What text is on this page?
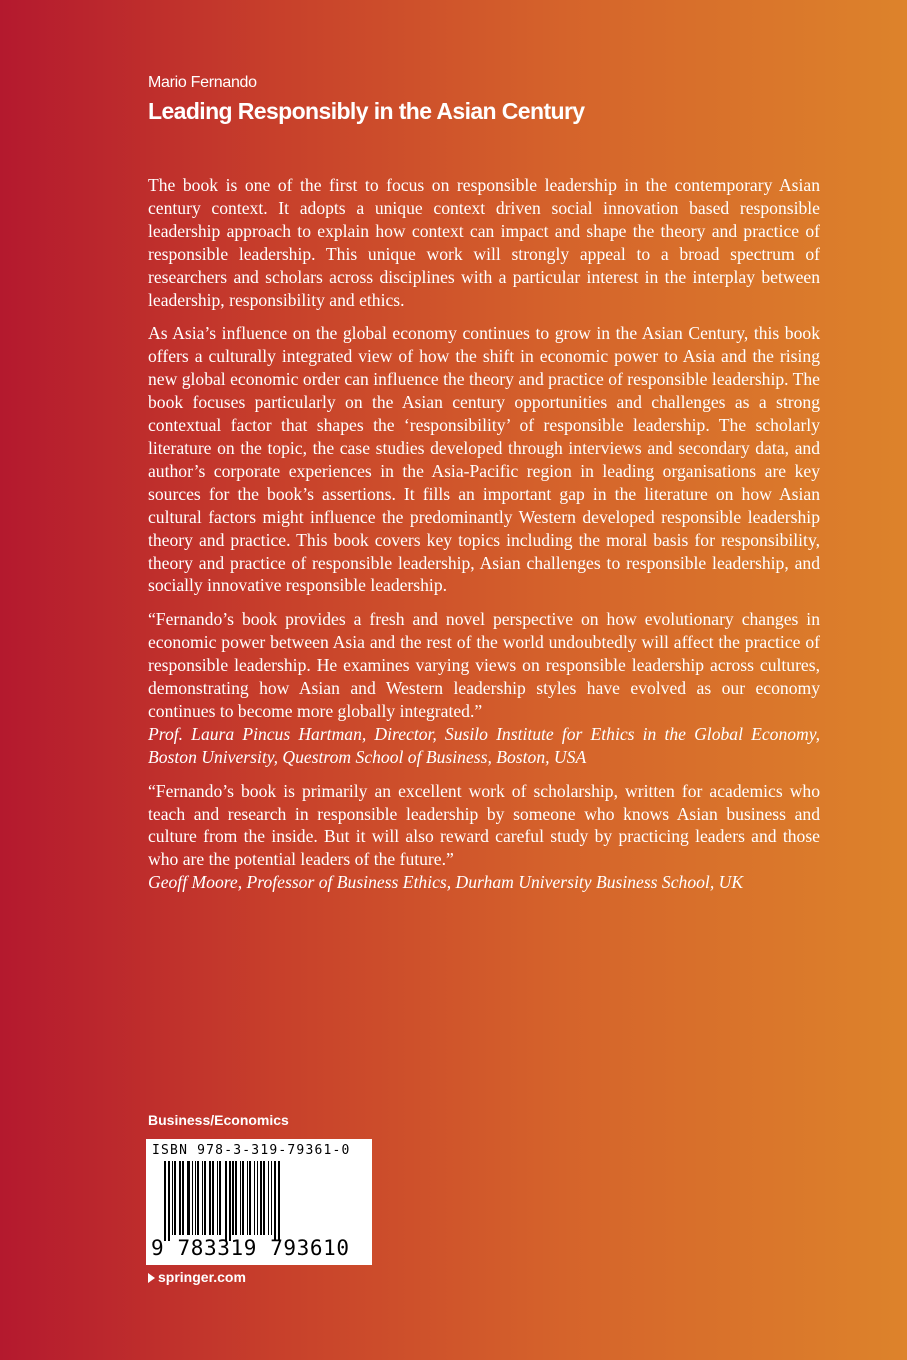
Mario Fernando
Leading Responsibly in the Asian Century

The book is one of the first to focus on responsible leadership in the contemporary Asian century context. It adopts a unique context driven social innovation based responsible leadership approach to explain how context can impact and shape the theory and practice of responsible leadership. This unique work will strongly appeal to a broad spectrum of researchers and scholars across disciplines with a particular interest in the interplay between leadership, responsibility and ethics.

As Asia’s influence on the global economy continues to grow in the Asian Century, this book offers a culturally integrated view of how the shift in economic power to Asia and the rising new global economic order can influence the theory and practice of responsible leadership. The book focuses particularly on the Asian century opportunities and challenges as a strong contextual factor that shapes the ‘responsibility’ of responsible leadership. The scholarly literature on the topic, the case studies developed through interviews and secondary data, and author’s corporate experiences in the Asia-Pacific region in leading organisations are key sources for the book’s assertions. It fills an important gap in the literature on how Asian cultural factors might influence the predominantly Western developed responsible leadership theory and practice. This book covers key topics including the moral basis for responsibility, theory and practice of responsible leadership, Asian challenges to responsible leadership, and socially innovative responsible leadership.

“Fernando’s book provides a fresh and novel perspective on how evolutionary changes in economic power between Asia and the rest of the world undoubtedly will affect the practice of responsible leadership. He examines varying views on responsible leadership across cultures, demonstrating how Asian and Western leadership styles have evolved as our economy continues to become more globally integrated.”

Prof. Laura Pincus Hartman, Director, Susilo Institute for Ethics in the Global Economy, Boston University, Questrom School of Business, Boston, USA

“Fernando’s book is primarily an excellent work of scholarship, written for academics who teach and research in responsible leadership by someone who knows Asian business and culture from the inside. But it will also reward careful study by practicing leaders and those who are the potential leaders of the future.”

Geoff Moore, Professor of Business Ethics, Durham University Business School, UK

Business/Economics
ISBN 978-3-319-79361-0
9 783319 793610
springer.com
